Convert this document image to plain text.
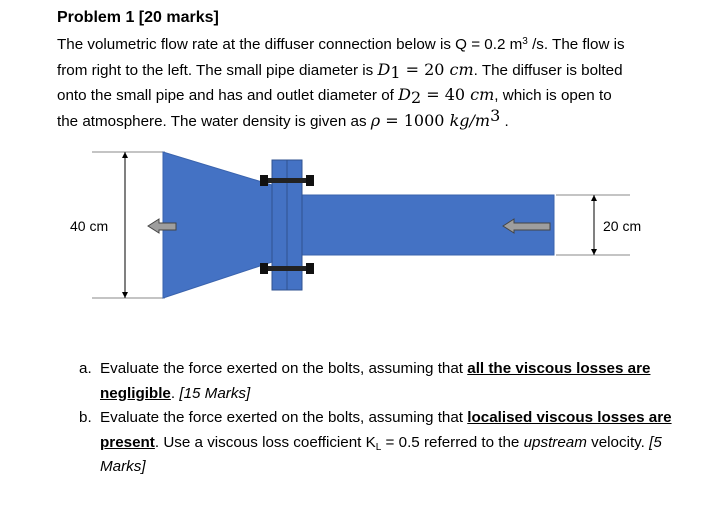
Problem 1 [20 marks]
The volumetric flow rate at the diffuser connection below is Q = 0.2 $m^3$ /s. The flow is
from right to the left. The small pipe diameter is $D_1 = 20$ cm. The diffuser is bolted
onto the small pipe and has and outlet diameter of $D_2 = 40$ cm, which is open to
the atmosphere. The water density is given as ρ = 1000 $kg/m^3$ .
40 cm	20 cm
a. Evaluate the force exerted on the bolts, assuming that all the viscous losses are negligible. [15 Marks]
b. Evaluate the force exerted on the bolts, assuming that localised viscous losses are present. Use a viscous loss coefficient $K_L = 0.5$ referred to the upstream velocity. [5 Marks]
